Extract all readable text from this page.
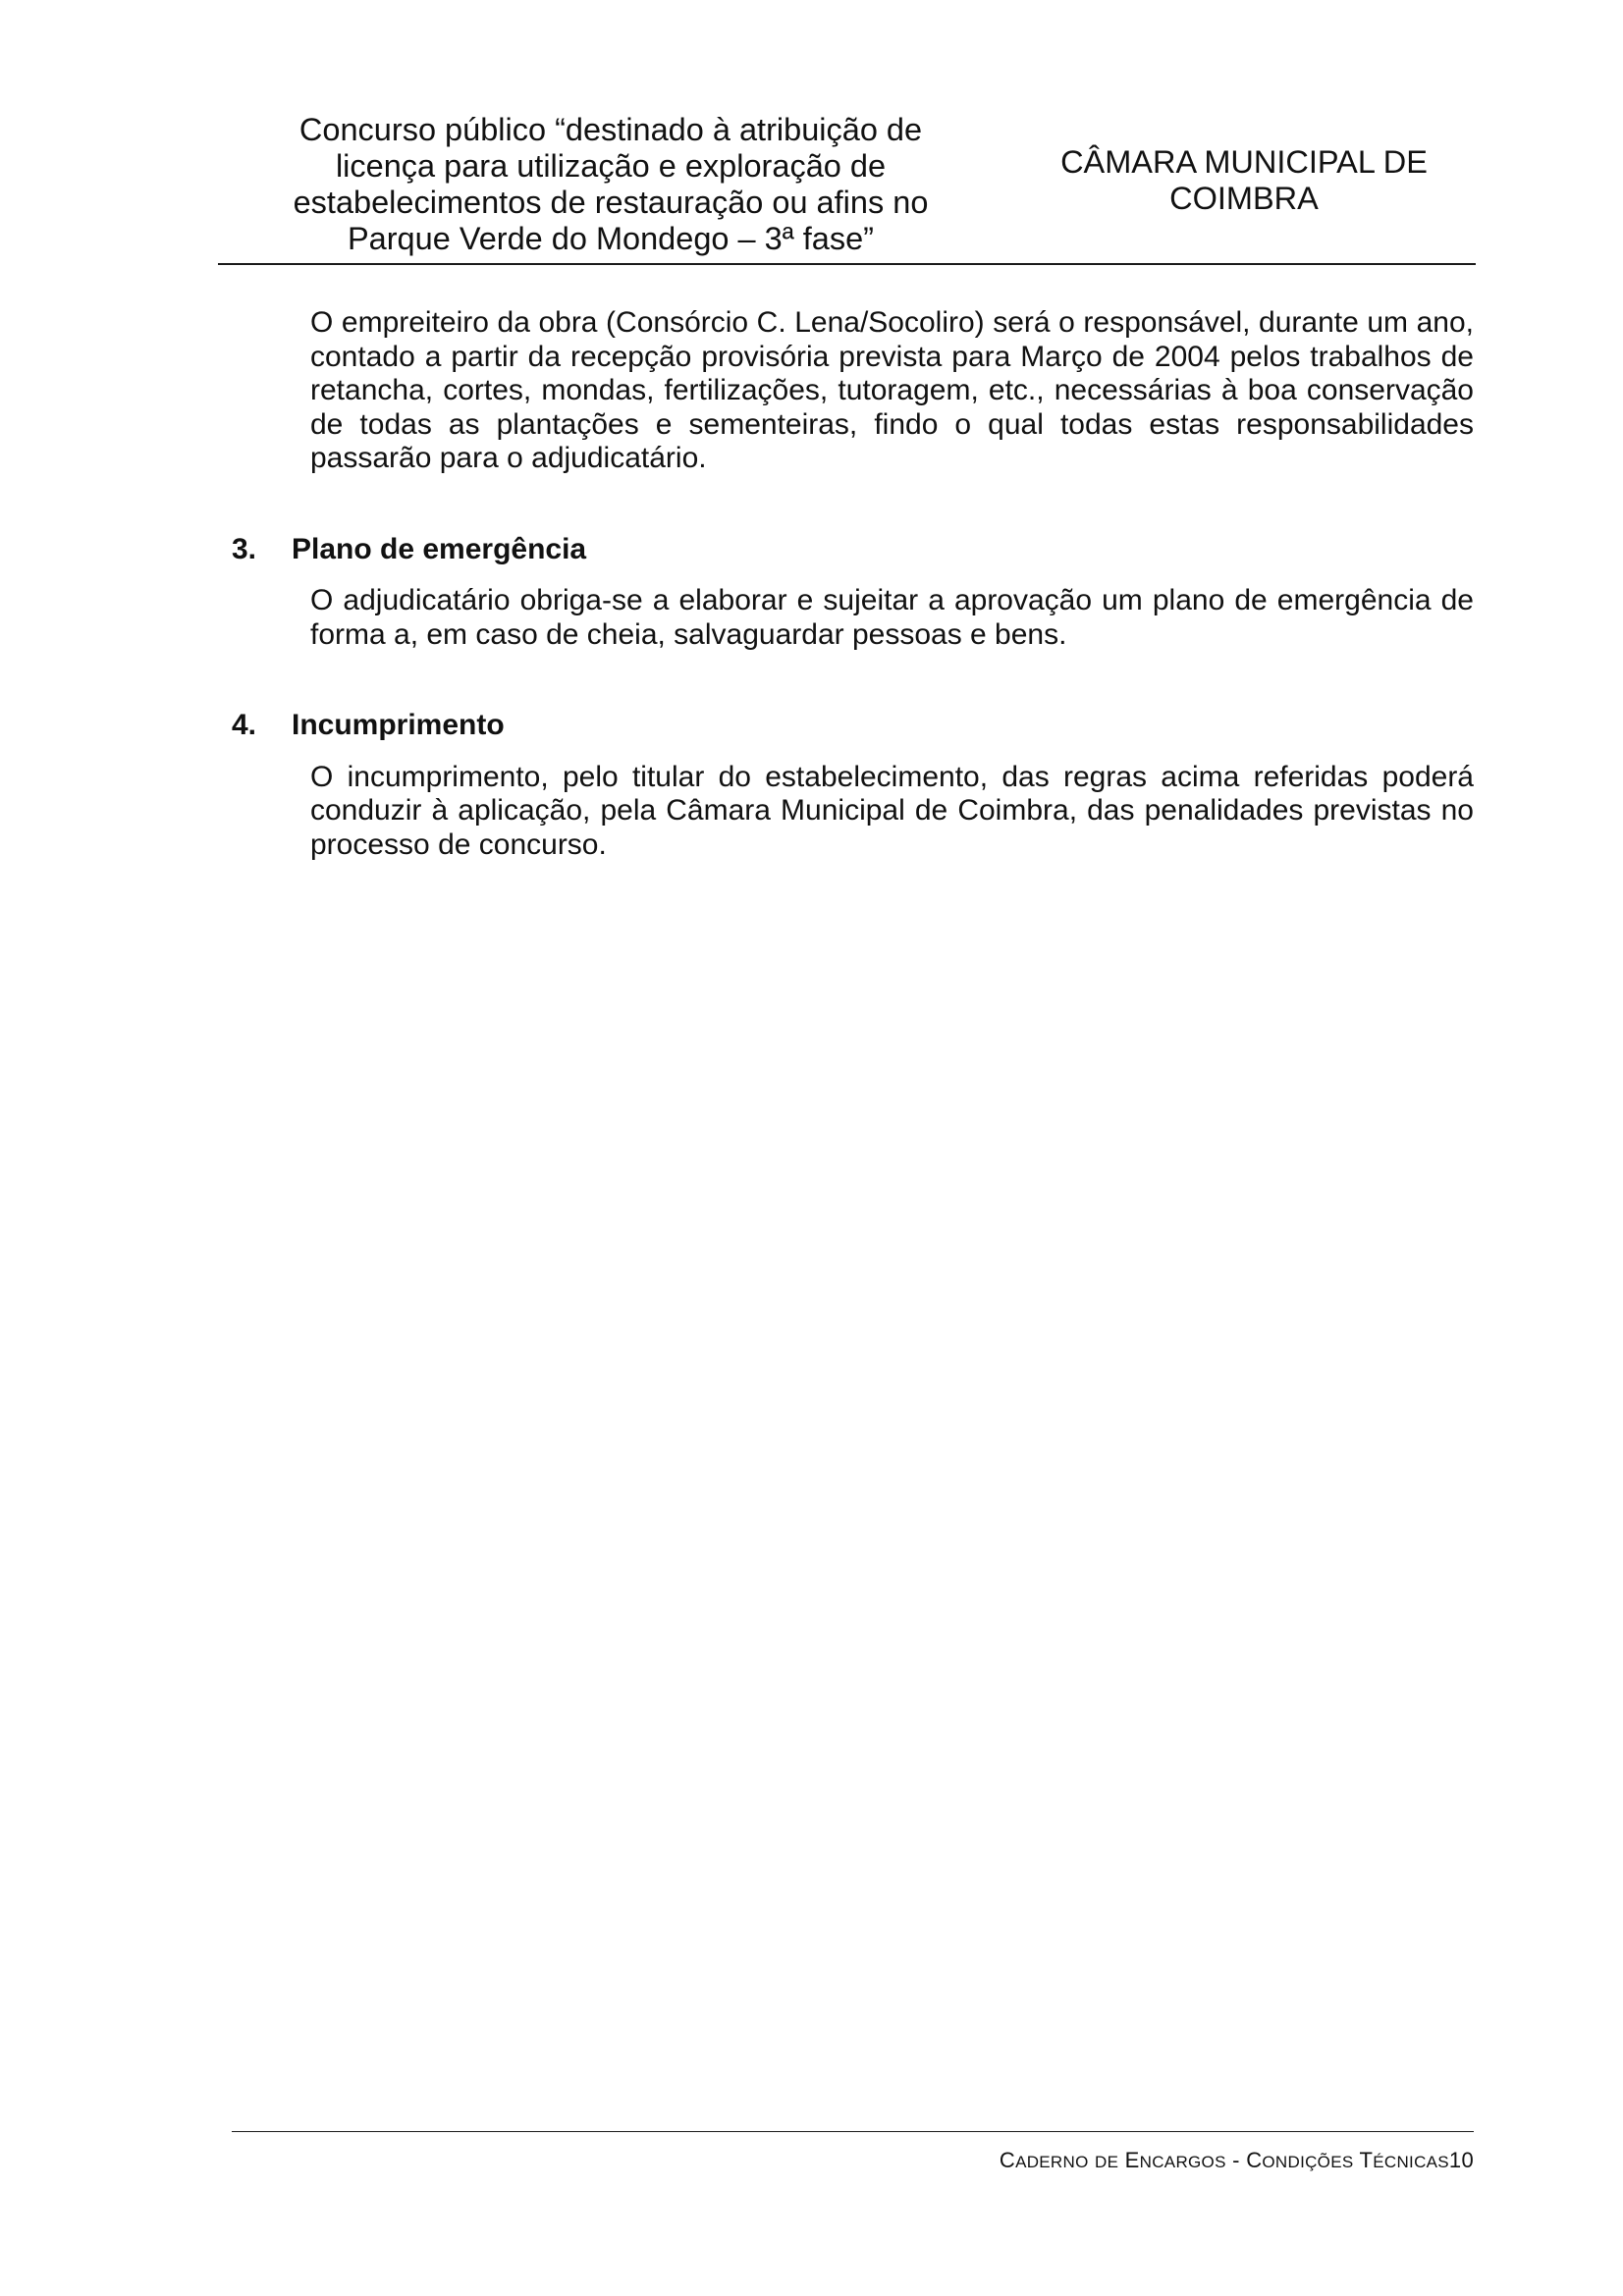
Concurso público “destinado à atribuição de
licença para utilização e exploração de
estabelecimentos de restauração ou afins no
Parque Verde do Mondego – 3ª fase”
CÂMARA MUNICIPAL DE
COIMBRA

O empreiteiro da obra (Consórcio C. Lena/Socoliro) será o responsável, durante um ano, contado a partir da recepção provisória prevista para Março de 2004 pelos trabalhos de retancha, cortes, mondas, fertilizações, tutoragem, etc., necessárias à boa conservação de todas as plantações e sementeiras, findo o qual todas estas responsabilidades passarão para o adjudicatário.

3.	Plano de emergência

O adjudicatário obriga-se a elaborar e sujeitar a aprovação um plano de emergência de forma a, em caso de cheia, salvaguardar pessoas e bens.

4.	Incumprimento

O incumprimento, pelo titular do estabelecimento, das regras acima referidas poderá conduzir à aplicação, pela Câmara Municipal de Coimbra, das penalidades previstas no processo de concurso.

CADERNO DE ENCARGOS - CONDIÇÕES TÉCNICAS10
